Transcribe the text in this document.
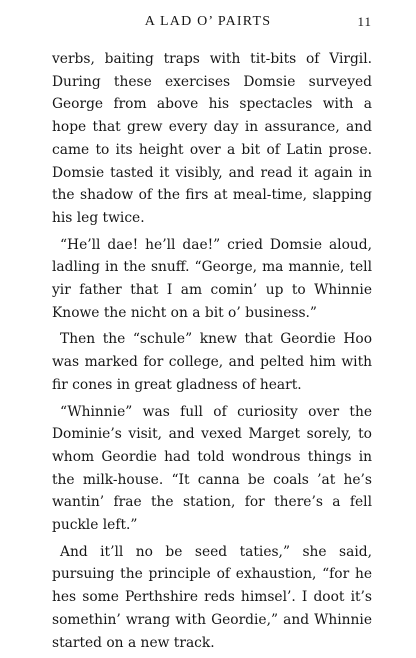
A LAD O’ PAIRTS	11

verbs, baiting traps with tit-bits of Virgil. During these exercises Domsie surveyed George from above his spectacles with a hope that grew every day in assurance, and came to its height over a bit of Latin prose. Domsie tasted it visibly, and read it again in the shadow of the firs at meal-time, slapping his leg twice.

“He’ll dae! he’ll dae!” cried Domsie aloud, ladling in the snuff. “George, ma mannie, tell yir father that I am comin’ up to Whinnie Knowe the nicht on a bit o’ business.”

Then the “schule” knew that Geordie Hoo was marked for college, and pelted him with fir cones in great gladness of heart.

“Whinnie” was full of curiosity over the Dominie’s visit, and vexed Marget sorely, to whom Geordie had told wondrous things in the milk-house. “It canna be coals ’at he’s wantin’ frae the station, for there’s a fell puckle left.”

And it’ll no be seed taties,” she said, pursuing the principle of exhaustion, “for he hes some Perthshire reds himsel’. I doot it’s somethin’ wrang with Geordie,” and Whinnie started on a new track.
